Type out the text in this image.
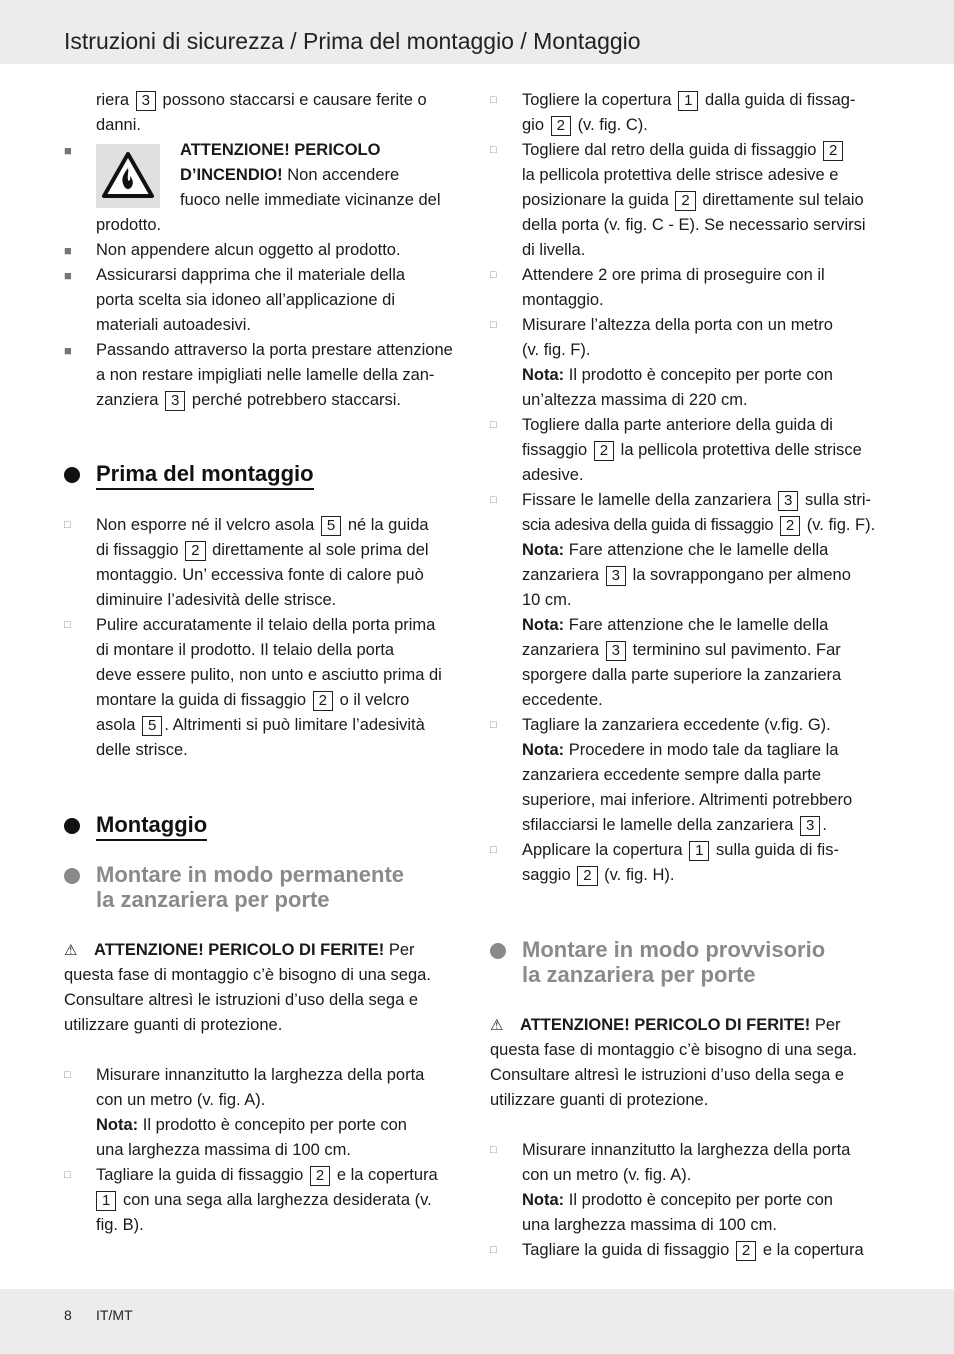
Istruzioni di sicurezza / Prima del montaggio / Montaggio
riera 3 possono staccarsi e causare ferite o
danni.
■	ATTENZIONE! PERICOLO
D’INCENDIO! Non accendere
fuoco nelle immediate vicinanze del
prodotto.
■	Non appendere alcun oggetto al prodotto.
■	Assicurarsi dapprima che il materiale della
porta scelta sia idoneo all’applicazione di
materiali autoadesivi.
■	Passando attraverso la porta prestare attenzione
a non restare impigliati nelle lamelle della zan-
zanziera 3 perché potrebbero staccarsi.
Prima del montaggio
□	Non esporre né il velcro asola 5 né la guida
di fissaggio 2 direttamente al sole prima del
montaggio. Un’ eccessiva fonte di calore può
diminuire l’adesività delle strisce.
□	Pulire accuratamente il telaio della porta prima
di montare il prodotto. Il telaio della porta
deve essere pulito, non unto e asciutto prima di
montare la guida di fissaggio 2 o il velcro
asola 5 . Altrimenti si può limitare l’adesività
delle strisce.
Montaggio
Montare in modo permanente
la zanzariera per porte
⚠ ATTENZIONE! PERICOLO DI FERITE! Per
questa fase di montaggio c’è bisogno di una sega.
Consultare altresì le istruzioni d’uso della sega e
utilizzare guanti di protezione.
□	Misurare innanzitutto la larghezza della porta
con un metro (v. fig. A).
Nota: Il prodotto è concepito per porte con
una larghezza massima di 100 cm.
□	Tagliare la guida di fissaggio 2 e la copertura
1 con una sega alla larghezza desiderata (v.
fig. B).
□	Togliere la copertura 1 dalla guida di fissag-
gio 2 (v. fig. C).
□	Togliere dal retro della guida di fissaggio 2
la pellicola protettiva delle strisce adesive e
posizionare la guida 2 direttamente sul telaio
della porta (v. fig. C - E). Se necessario servirsi
di livella.
□	Attendere 2 ore prima di proseguire con il
montaggio.
□	Misurare l’altezza della porta con un metro
(v. fig. F).
Nota: Il prodotto è concepito per porte con
un’altezza massima di 220 cm.
□	Togliere dalla parte anteriore della guida di
fissaggio 2 la pellicola protettiva delle strisce
adesive.
□	Fissare le lamelle della zanzariera 3 sulla stri-
scia adesiva della guida di fissaggio 2 (v. fig. F).
Nota: Fare attenzione che le lamelle della
zanzariera 3 la sovrappongano per almeno
10 cm.
Nota: Fare attenzione che le lamelle della
zanzariera 3 terminino sul pavimento. Far
sporgere dalla parte superiore la zanzariera
eccedente.
□	Tagliare la zanzariera eccedente (v.fig. G).
Nota: Procedere in modo tale da tagliare la
zanzariera eccedente sempre dalla parte
superiore, mai inferiore. Altrimenti potrebbero
sfilacciarsi le lamelle della zanzariera 3 .
□	Applicare la copertura 1 sulla guida di fis-
saggio 2 (v. fig. H).
Montare in modo provvisorio
la zanzariera per porte
⚠ ATTENZIONE! PERICOLO DI FERITE! Per
questa fase di montaggio c’è bisogno di una sega.
Consultare altresì le istruzioni d’uso della sega e
utilizzare guanti di protezione.
□	Misurare innanzitutto la larghezza della porta
con un metro (v. fig. A).
Nota: Il prodotto è concepito per porte con
una larghezza massima di 100 cm.
□	Tagliare la guida di fissaggio 2 e la copertura
8 IT/MT
